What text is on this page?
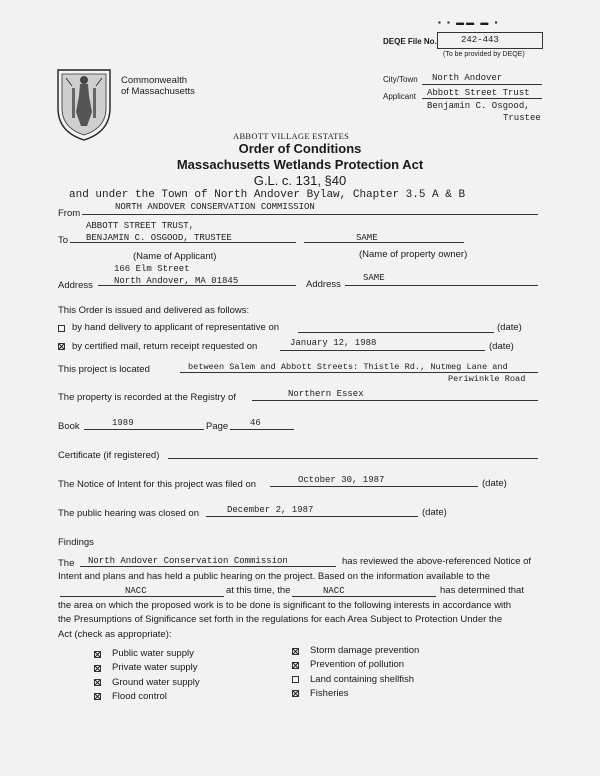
▪ ▪ ▬▬ ▬ ▪
DEQE File No.	242-443
(To be provided by DEQE)
Commonwealth
of Massachusetts
City/Town North Andover
Applicant Abbott Street Trust
Benjamin C. Osgood,
Trustee
ABBOTT VILLAGE ESTATES
Order of Conditions
Massachusetts Wetlands Protection Act
G.L. c. 131, §40
and under the Town of North Andover Bylaw, Chapter 3.5 A & B
From
NORTH ANDOVER CONSERVATION COMMISSION
ABBOTT STREET TRUST,
To BENJAMIN C. OSGOOD, TRUSTEE	SAME
(Name of Applicant)	(Name of property owner)
166 Elm Street
Address North Andover, MA 01845	Address
SAME
This Order is issued and delivered as follows:
by hand delivery to applicant of representative on	(date)
by certified mail, return receipt requested on	January 12, 1988	(date)
This project is located	between Salem and Abbott Streets: Thistle Rd., Nutmeg Lane and
Periwinkle Road
The property is recorded at the Registry of	Northern Essex
Book	1989	Page 46
Certificate (if registered)
The Notice of Intent for this project was filed on	October 30, 1987	(date)
The public hearing was closed on	December 2, 1987	(date)
Findings
The North Andover Conservation Commission	has reviewed the above-referenced Notice of
Intent and plans and has held a public hearing on the project. Based on the information available to the
NACC	at this time, the	NACC	has determined that
the area on which the proposed work is to be done is significant to the following interests in accordance with
the Presumptions of Significance set forth in the regulations for each Area Subject to Protection Under the
Act (check as appropriate):
Public water supply
Private water supply
Ground water supply
Flood control
Storm damage prevention
Prevention of pollution
Land containing shellfish
Fisheries
